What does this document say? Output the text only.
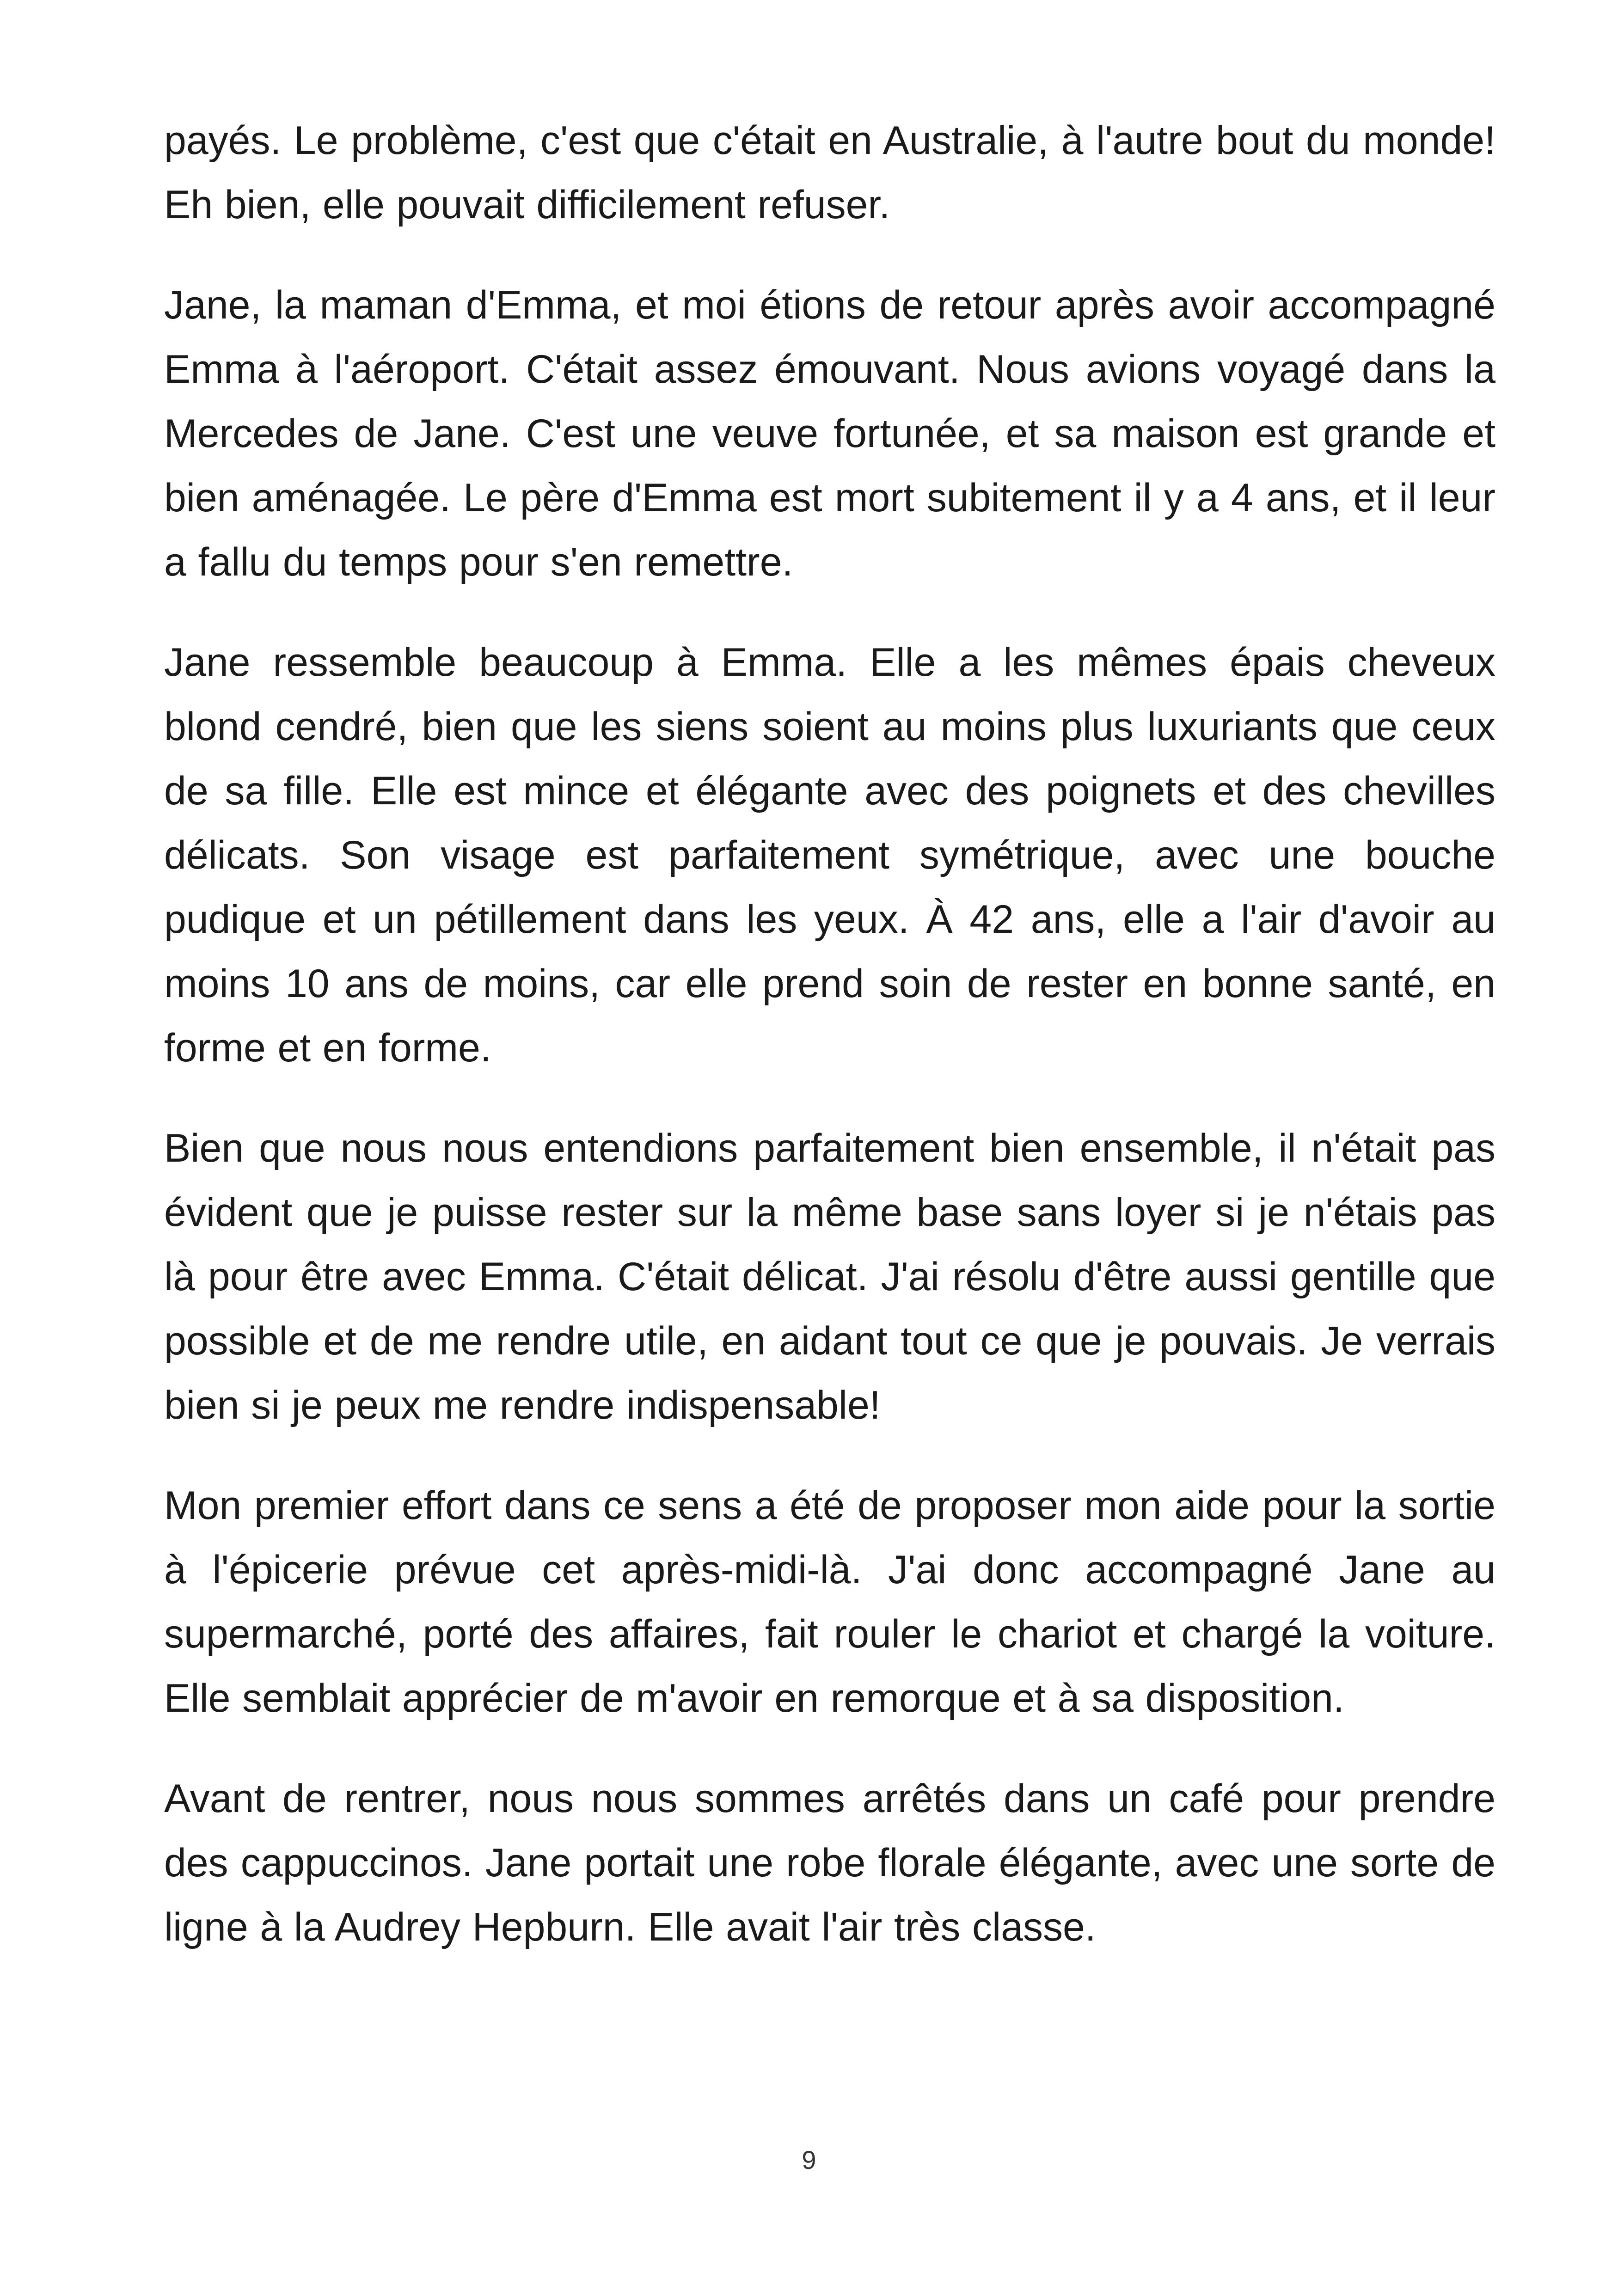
payés. Le problème, c'est que c'était en Australie, à l'autre bout du monde! Eh bien, elle pouvait difficilement refuser.

Jane, la maman d'Emma, et moi étions de retour après avoir accompagné Emma à l'aéroport. C'était assez émouvant. Nous avions voyagé dans la Mercedes de Jane. C'est une veuve fortunée, et sa maison est grande et bien aménagée. Le père d'Emma est mort subitement il y a 4 ans, et il leur a fallu du temps pour s'en remettre.

Jane ressemble beaucoup à Emma. Elle a les mêmes épais cheveux blond cendré, bien que les siens soient au moins plus luxuriants que ceux de sa fille. Elle est mince et élégante avec des poignets et des chevilles délicats. Son visage est parfaitement symétrique, avec une bouche pudique et un pétillement dans les yeux. À 42 ans, elle a l'air d'avoir au moins 10 ans de moins, car elle prend soin de rester en bonne santé, en forme et en forme.

Bien que nous nous entendions parfaitement bien ensemble, il n'était pas évident que je puisse rester sur la même base sans loyer si je n'étais pas là pour être avec Emma. C'était délicat. J'ai résolu d'être aussi gentille que possible et de me rendre utile, en aidant tout ce que je pouvais. Je verrais bien si je peux me rendre indispensable!

Mon premier effort dans ce sens a été de proposer mon aide pour la sortie à l'épicerie prévue cet après-midi-là. J'ai donc accompagné Jane au supermarché, porté des affaires, fait rouler le chariot et chargé la voiture. Elle semblait apprécier de m'avoir en remorque et à sa disposition.

Avant de rentrer, nous nous sommes arrêtés dans un café pour prendre des cappuccinos. Jane portait une robe florale élégante, avec une sorte de ligne à la Audrey Hepburn. Elle avait l'air très classe.

9
